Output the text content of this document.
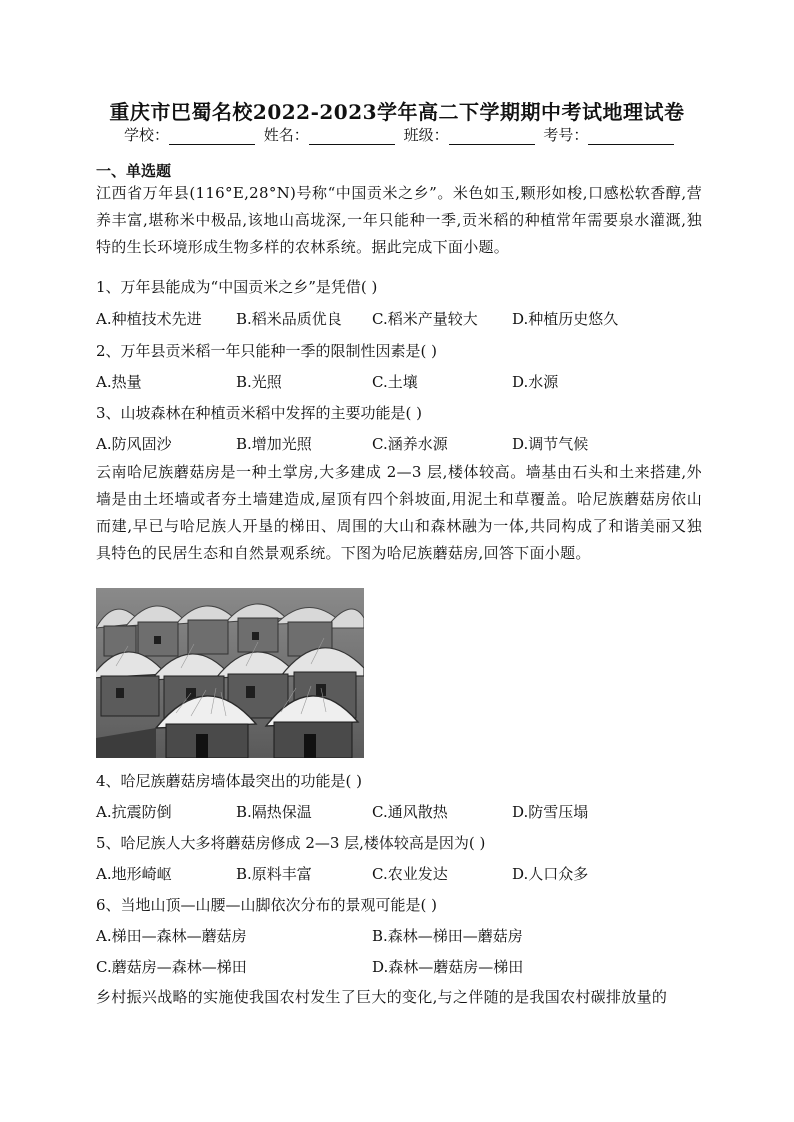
重庆市巴蜀名校2022-2023学年高二下学期期中考试地理试卷
学校：	姓名：	班级：	考号：
一、单选题
江西省万年县(116°E,28°N)号称“中国贡米之乡”。米色如玉,颗形如梭,口感松软香醇,营养丰富,堪称米中极品,该地山高垅深,一年只能种一季,贡米稻的种植常年需要泉水灌溉,独特的生长环境形成生物多样的农林系统。据此完成下面小题。
1、万年县能成为“中国贡米之乡”是凭借( )
A.种植技术先进 B.稻米品质优良 C.稻米产量较大 D.种植历史悠久
2、万年县贡米稻一年只能种一季的限制性因素是( )
A.热量	B.光照	C.土壤	D.水源
3、山坡森林在种植贡米稻中发挥的主要功能是( )
A.防风固沙	B.增加光照	C.涵养水源	D.调节气候
云南哈尼族蘑菇房是一种土掌房,大多建成 2—3 层,楼体较高。墙基由石头和土来搭建,外墙是由土坯墙或者夯土墙建造成,屋顶有四个斜坡面,用泥土和草覆盖。哈尼族蘑菇房依山而建,早已与哈尼族人开垦的梯田、周围的大山和森林融为一体,共同构成了和谐美丽又独具特色的民居生态和自然景观系统。下图为哈尼族蘑菇房,回答下面小题。
4、哈尼族蘑菇房墙体最突出的功能是( )
A.抗震防倒	B.隔热保温	C.通风散热	D.防雪压塌
5、哈尼族人大多将蘑菇房修成 2—3 层,楼体较高是因为( )
A.地形崎岖	B.原料丰富	C.农业发达	D.人口众多
6、当地山顶—山腰—山脚依次分布的景观可能是( )
A.梯田—森林—蘑菇房	B.森林—梯田—蘑菇房
C.蘑菇房—森林—梯田	D.森林—蘑菇房—梯田
乡村振兴战略的实施使我国农村发生了巨大的变化,与之伴随的是我国农村碳排放量的
